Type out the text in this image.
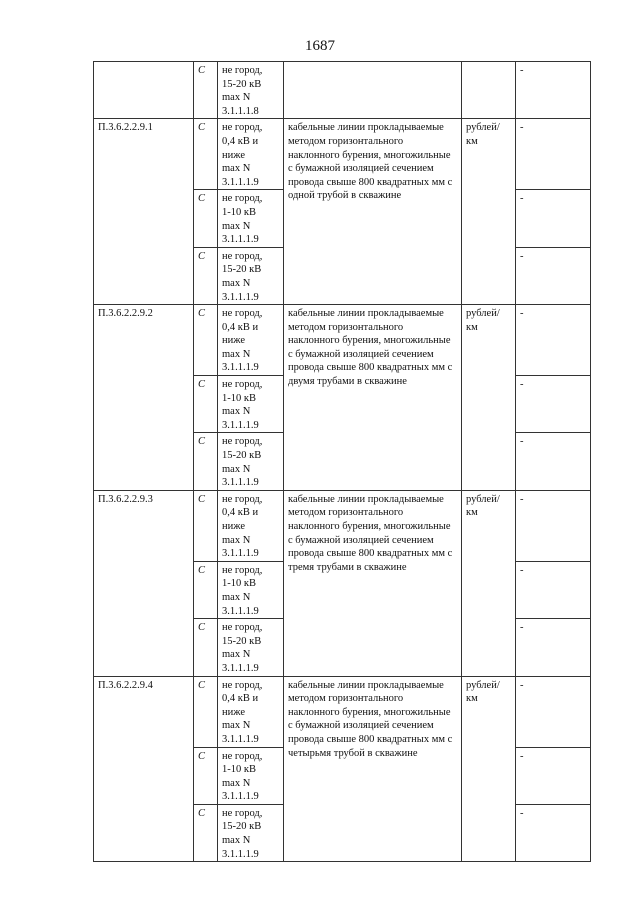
1687
	С	не город,
15-20 кВ
max N
3.1.1.1.8			-
П.3.6.2.2.9.1	С	не город,
0,4 кВ и
ниже
max N
3.1.1.1.9	кабельные линии прокладываемые методом горизонтального наклонного бурения, многожильные с бумажной изоляцией сечением провода свыше 800 квадратных мм с одной трубой в скважине	рублей/ км	-
	С	не город,
1-10 кВ
max N
3.1.1.1.9			-
	С	не город,
15-20 кВ
max N
3.1.1.1.9			-
П.3.6.2.2.9.2	С	не город,
0,4 кВ и
ниже
max N
3.1.1.1.9	кабельные линии прокладываемые методом горизонтального наклонного бурения, многожильные с бумажной изоляцией сечением провода свыше 800 квадратных мм с двумя трубами в скважине	рублей/ км	-
	С	не город,
1-10 кВ
max N
3.1.1.1.9			-
	С	не город,
15-20 кВ
max N
3.1.1.1.9			-
П.3.6.2.2.9.3	С	не город,
0,4 кВ и
ниже
max N
3.1.1.1.9	кабельные линии прокладываемые методом горизонтального наклонного бурения, многожильные с бумажной изоляцией сечением провода свыше 800 квадратных мм с тремя трубами в скважине	рублей/ км	-
	С	не город,
1-10 кВ
max N
3.1.1.1.9			-
	С	не город,
15-20 кВ
max N
3.1.1.1.9			-
П.3.6.2.2.9.4	С	не город,
0,4 кВ и
ниже
max N
3.1.1.1.9	кабельные линии прокладываемые методом горизонтального наклонного бурения, многожильные с бумажной изоляцией сечением провода свыше 800 квадратных мм с четырьмя трубой в скважине	рублей/ км	-
	С	не город,
1-10 кВ
max N
3.1.1.1.9			-
	С	не город,
15-20 кВ
max N
3.1.1.1.9			-
